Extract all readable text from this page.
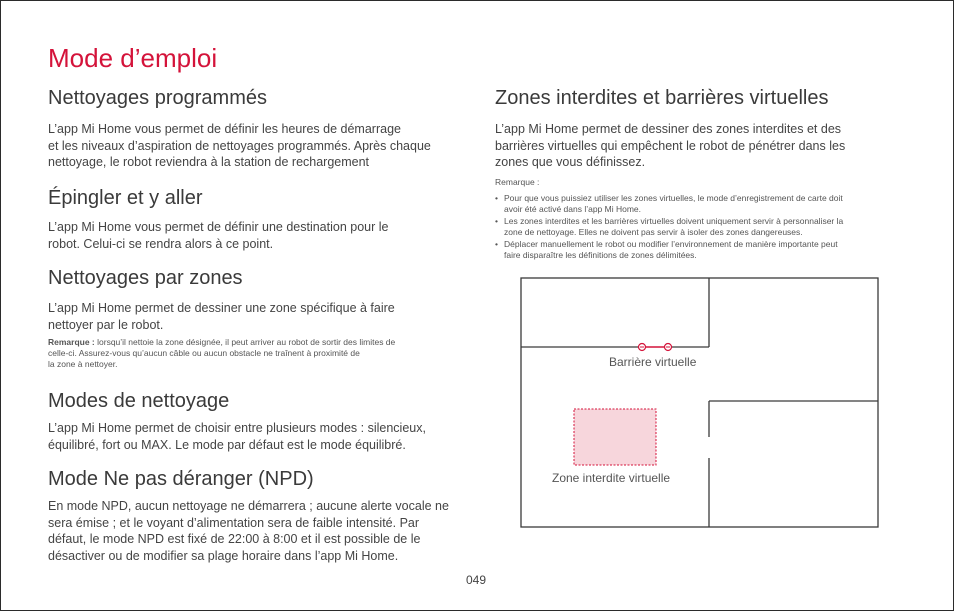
Mode d’emploi
Nettoyages programmés
L’app Mi Home vous permet de définir les heures de démarrage
et les niveaux d’aspiration de nettoyages programmés. Après chaque
nettoyage, le robot reviendra à la station de rechargement
Épingler et y aller
L’app Mi Home vous permet de définir une destination pour le
robot. Celui-ci se rendra alors à ce point.
Nettoyages par zones
L’app Mi Home permet de dessiner une zone spécifique à faire
nettoyer par le robot.
Remarque : lorsqu’il nettoie la zone désignée, il peut arriver au robot de sortir des limites de
celle-ci. Assurez-vous qu’aucun câble ou aucun obstacle ne traînent à proximité de
la zone à nettoyer.
Modes de nettoyage
L’app Mi Home permet de choisir entre plusieurs modes : silencieux,
équilibré, fort ou MAX. Le mode par défaut est le mode équilibré.
Mode Ne pas déranger (NPD)
En mode NPD, aucun nettoyage ne démarrera ; aucune alerte vocale ne
sera émise ; et le voyant d’alimentation sera de faible intensité. Par
défaut, le mode NPD est fixé de 22:00 à 8:00 et il est possible de le
désactiver ou de modifier sa plage horaire dans l’app Mi Home.
Zones interdites et barrières virtuelles
L’app Mi Home permet de dessiner des zones interdites et des
barrières virtuelles qui empêchent le robot de pénétrer dans les
zones que vous définissez.
Remarque :
• Pour que vous puissiez utiliser les zones virtuelles, le mode d’enregistrement de carte doit
avoir été activé dans l’app Mi Home.
• Les zones interdites et les barrières virtuelles doivent uniquement servir à personnaliser la
zone de nettoyage. Elles ne doivent pas servir à isoler des zones dangereuses.
• Déplacer manuellement le robot ou modifier l’environnement de manière importante peut
faire disparaître les définitions de zones délimitées.
Barrière virtuelle
Zone interdite virtuelle
049
